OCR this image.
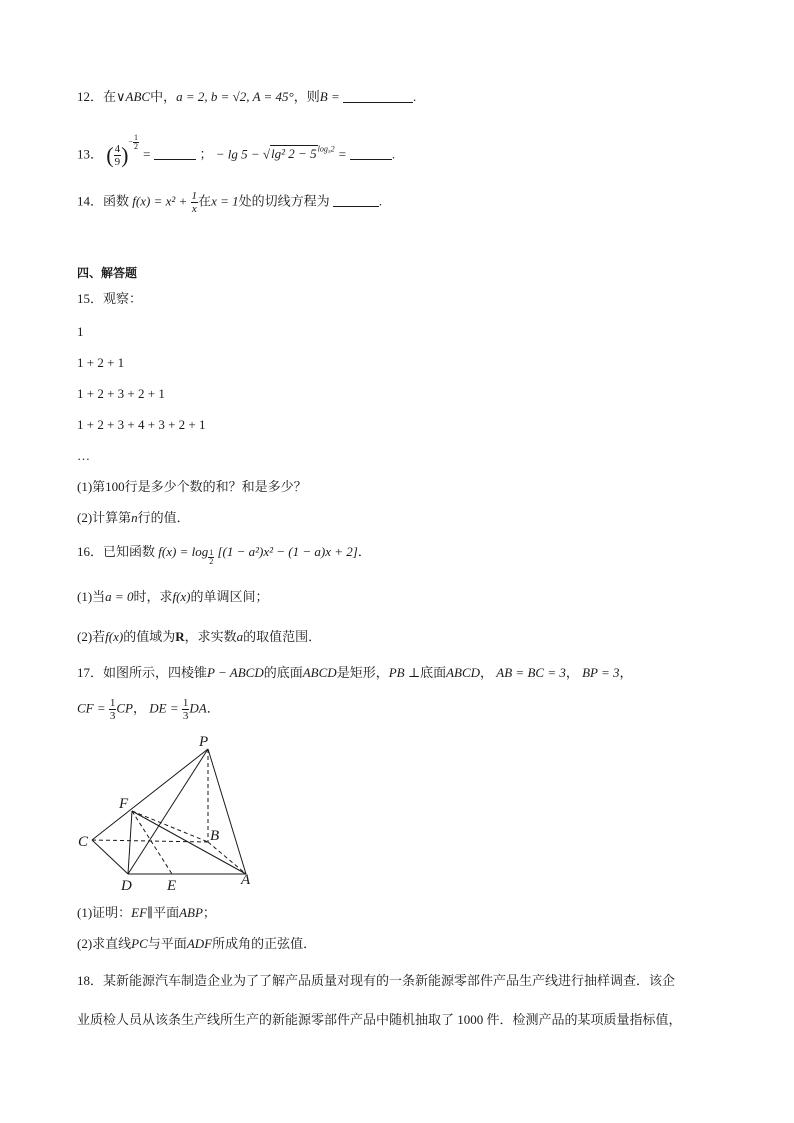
12．在∨ABC中，a = 2, b = √2, A = 45°，则B =	.
13． ( $\frac{4}{9}$ )− $\frac{1}{2}$
=	； − lg 5 − √lg² $2 - 5^{log_52}$ =	.
14．函数 $f(x) = x^2 + \frac{1}{x}$ 在x = 1处的切线方程为	.
四、解答题
15．观察：
1
1 + 2 + 1
1 + 2 + 3 + 2 + 1
1 + 2 + 3 + 4 + 3 + 2 + 1
…
(1)第100行是多少个数的和？和是多少？
(2)计算第n行的值．
16．已知函数 $f(x) = \log \frac{1}{2} [(1 - a^2)x^2 - (1 - a)x + 2]$．
(1)当a = 0时，求f(x)的单调区间；
(2)若f(x)的值域为R，求实数a的取值范围．
17．如图所示，四棱锥P − ABCD的底面ABCD是矩形，PB ⊥底面ABCD， AB = BC = 3， BP = 3，
CF = $\frac{1}{3}$ CP， DE = $\frac{1}{3}$ DA．
P
F
B
C
D E	A
(1)证明：EF∥平面ABP；
(2)求直线PC与平面ADF所成角的正弦值．
18．某新能源汽车制造企业为了了解产品质量对现有的一条新能源零部件产品生产线进行抽样调查．该企
业质检人员从该条生产线所生产的新能源零部件产品中随机抽取了 1000 件．检测产品的某项质量指标值，
